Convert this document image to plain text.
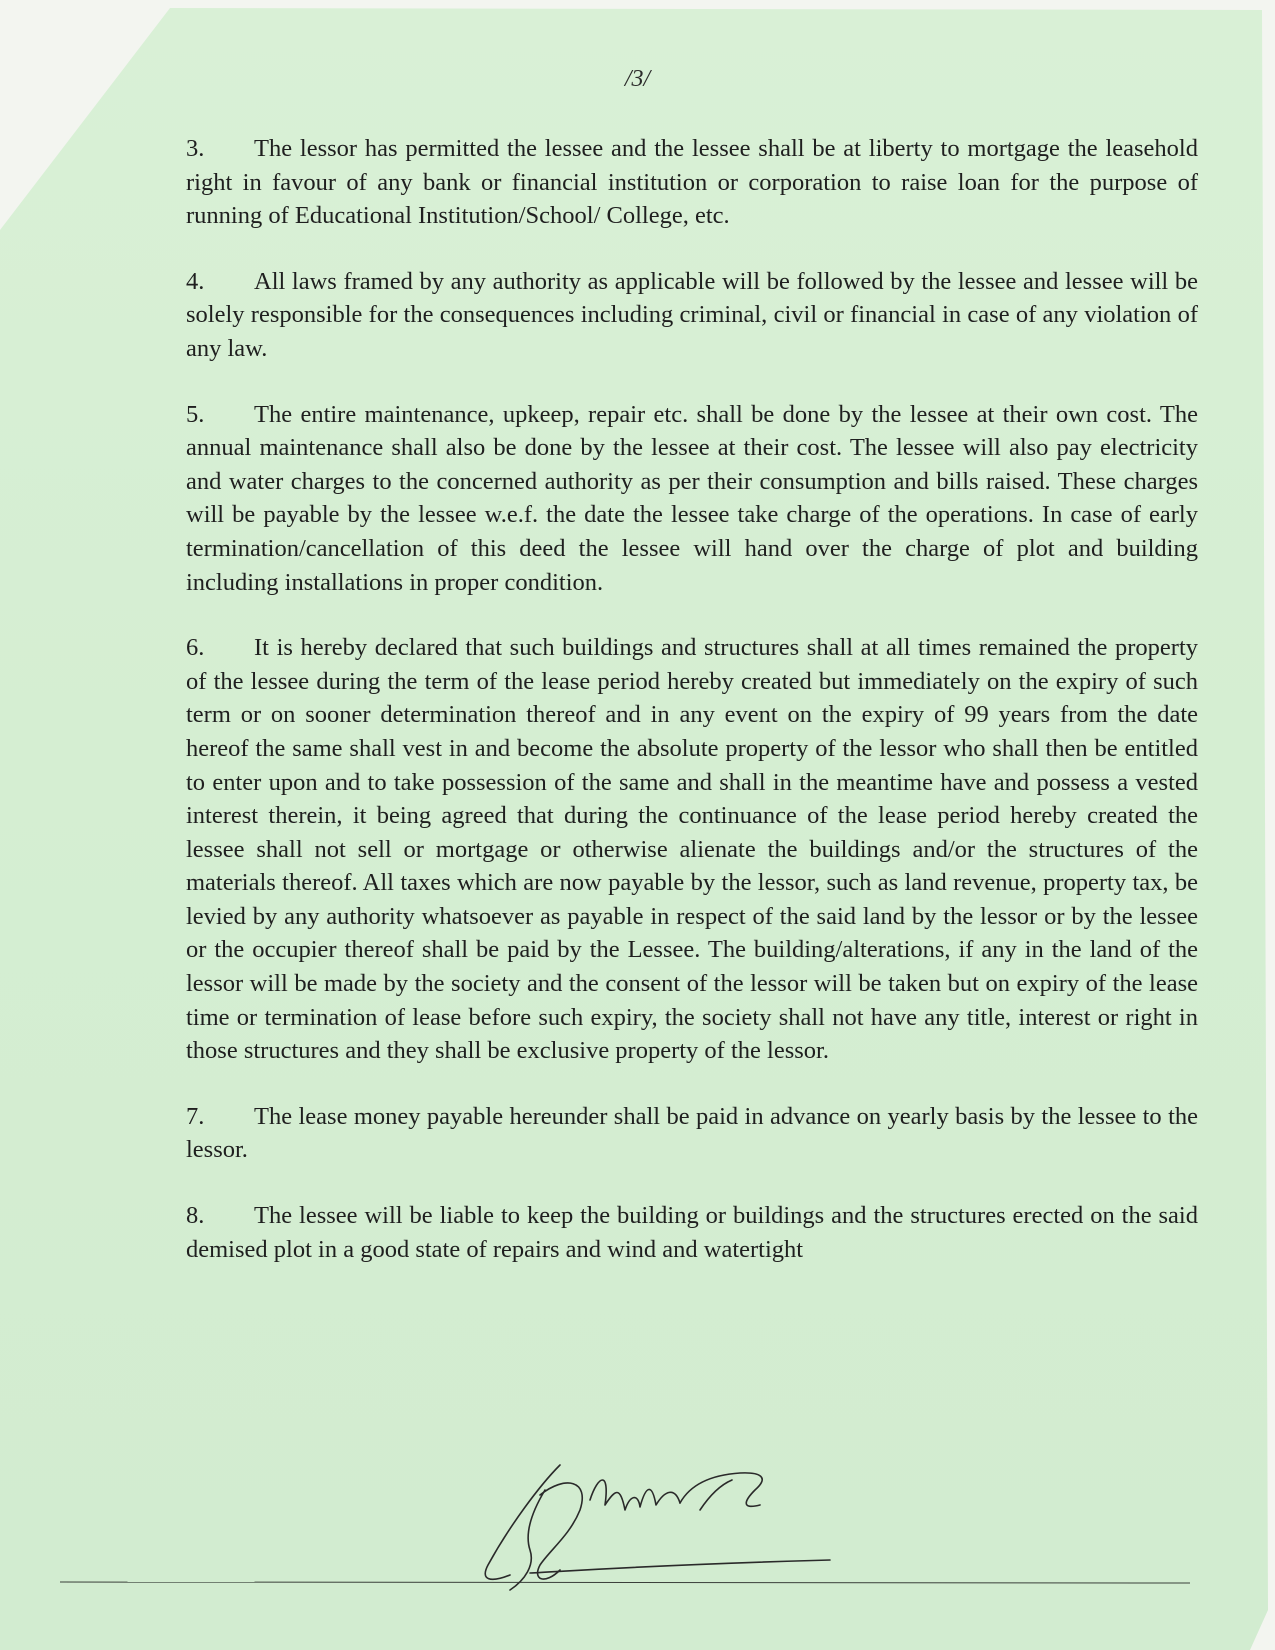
/3/

3. The lessor has permitted the lessee and the lessee shall be at liberty to mortgage the leasehold right in favour of any bank or financial institution or corporation to raise loan for the purpose of running of Educational Institution/School/ College, etc.

4. All laws framed by any authority as applicable will be followed by the lessee and lessee will be solely responsible for the consequences including criminal, civil or financial in case of any violation of any law.

5. The entire maintenance, upkeep, repair etc. shall be done by the lessee at their own cost. The annual maintenance shall also be done by the lessee at their cost. The lessee will also pay electricity and water charges to the concerned authority as per their consumption and bills raised. These charges will be payable by the lessee w.e.f. the date the lessee take charge of the operations. In case of early termination/cancellation of this deed the lessee will hand over the charge of plot and building including installations in proper condition.

6. It is hereby declared that such buildings and structures shall at all times remained the property of the lessee during the term of the lease period hereby created but immediately on the expiry of such term or on sooner determination thereof and in any event on the expiry of 99 years from the date hereof the same shall vest in and become the absolute property of the lessor who shall then be entitled to enter upon and to take possession of the same and shall in the meantime have and possess a vested interest therein, it being agreed that during the continuance of the lease period hereby created the lessee shall not sell or mortgage or otherwise alienate the buildings and/or the structures of the materials thereof. All taxes which are now payable by the lessor, such as land revenue, property tax, be levied by any authority whatsoever as payable in respect of the said land by the lessor or by the lessee or the occupier thereof shall be paid by the Lessee. The building/alterations, if any in the land of the lessor will be made by the society and the consent of the lessor will be taken but on expiry of the lease time or termination of lease before such expiry, the society shall not have any title, interest or right in those structures and they shall be exclusive property of the lessor.

7. The lease money payable hereunder shall be paid in advance on yearly basis by the lessee to the lessor.

8. The lessee will be liable to keep the building or buildings and the structures erected on the said demised plot in a good state of repairs and wind and watertight
